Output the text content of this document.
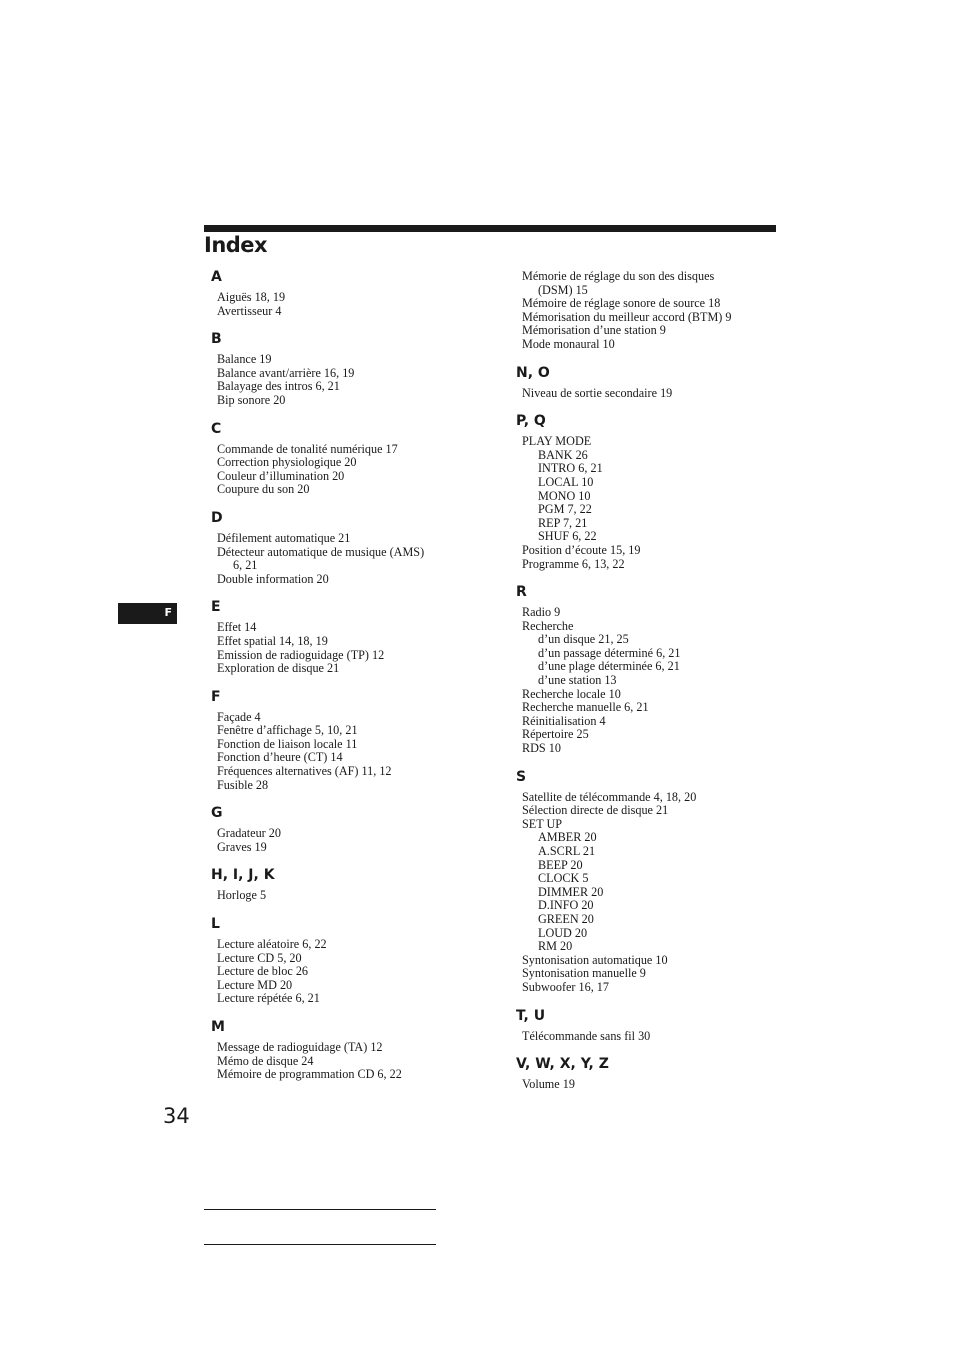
Index
A
Aiguës 18, 19
Avertisseur 4
B
Balance 19
Balance avant/arrière 16, 19
Balayage des intros 6, 21
Bip sonore 20
C
Commande de tonalité numérique 17
Correction physiologique 20
Couleur d’illumination 20
Coupure du son 20
D
Défilement automatique 21
Détecteur automatique de musique (AMS)
6, 21
Double information 20
E
Effet 14
Effet spatial 14, 18, 19
Emission de radioguidage (TP) 12
Exploration de disque 21
F
Façade 4
Fenêtre d’affichage 5, 10, 21
Fonction de liaison locale 11
Fonction d’heure (CT) 14
Fréquences alternatives (AF) 11, 12
Fusible 28
G
Gradateur 20
Graves 19
H, I, J, K
Horloge 5
L
Lecture aléatoire 6, 22
Lecture CD 5, 20
Lecture de bloc 26
Lecture MD 20
Lecture répétée 6, 21
M
Message de radioguidage (TA) 12
Mémo de disque 24
Mémoire de programmation CD 6, 22
Mémorie de réglage du son des disques
(DSM) 15
Mémoire de réglage sonore de source 18
Mémorisation du meilleur accord (BTM) 9
Mémorisation d’une station 9
Mode monaural 10
N, O
Niveau de sortie secondaire 19
P, Q
PLAY MODE
BANK 26
INTRO 6, 21
LOCAL 10
MONO 10
PGM 7, 22
REP 7, 21
SHUF 6, 22
Position d’écoute 15, 19
Programme 6, 13, 22
R
Radio 9
Recherche
d’un disque 21, 25
d’un passage déterminé 6, 21
d’une plage déterminée 6, 21
d’une station 13
Recherche locale 10
Recherche manuelle 6, 21
Réinitialisation 4
Répertoire 25
RDS 10
S
Satellite de télécommande 4, 18, 20
Sélection directe de disque 21
SET UP
AMBER 20
A.SCRL 21
BEEP 20
CLOCK 5
DIMMER 20
D.INFO 20
GREEN 20
LOUD 20
RM 20
Syntonisation automatique 10
Syntonisation manuelle 9
Subwoofer 16, 17
T, U
Télécommande sans fil 30
V, W, X, Y, Z
Volume 19
F
34
